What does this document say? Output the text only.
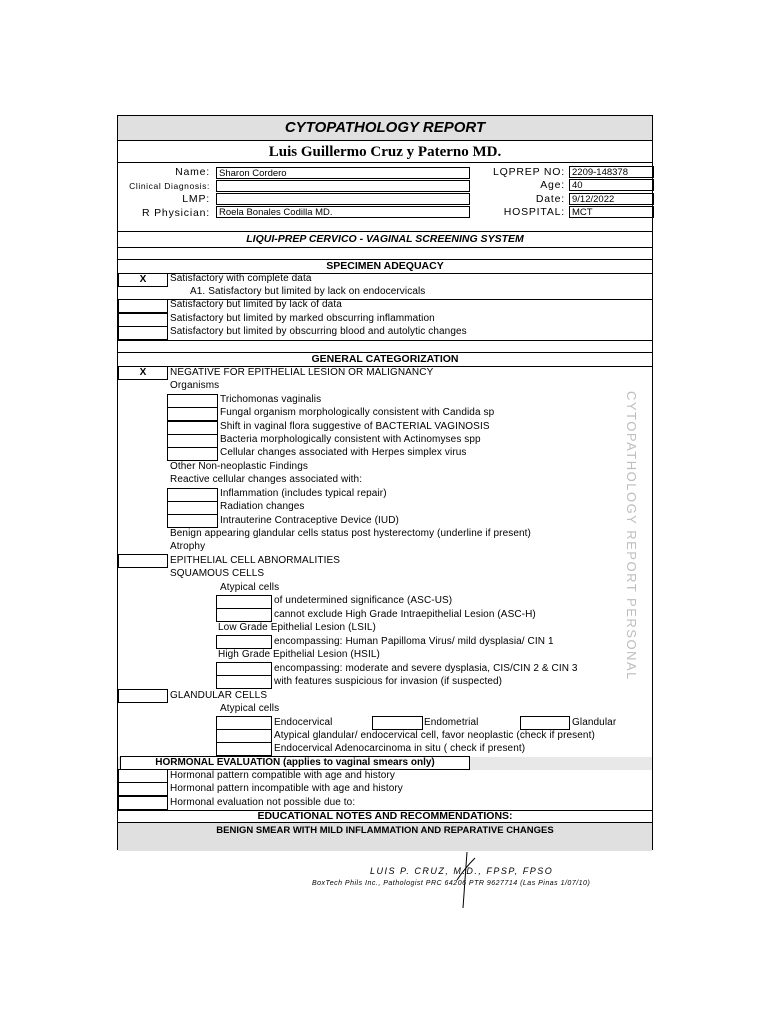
CYTOPATHOLOGY REPORT
Luis Guillermo Cruz y Paterno MD.
Name: Sharon Cordero
Clinical Diagnosis:
LMP:
R Physician: Roela Bonales Codilla MD.
LQPREP NO: 2209-148378
Age: 40
Date: 9/12/2022
HOSPITAL: MCT
LIQUI-PREP CERVICO - VAGINAL SCREENING SYSTEM
SPECIMEN ADEQUACY
X	Satisfactory with complete data
A1. Satisfactory but limited by lack on endocervicals
Satisfactory but limited by lack of data
Satisfactory but limited by marked obscurring inflammation
Satisfactory but limited by obscurring blood and autolytic changes
GENERAL CATEGORIZATION
X	NEGATIVE FOR EPITHELIAL LESION OR MALIGNANCY
Organisms
Trichomonas vaginalis
Fungal organism morphologically consistent with Candida sp
Shift in vaginal flora suggestive of BACTERIAL VAGINOSIS
Bacteria morphologically consistent with Actinomyses spp
Cellular changes associated with Herpes simplex virus
Other Non-neoplastic Findings
Reactive cellular changes associated with:
Inflammation (includes typical repair)
Radiation changes
Intrauterine Contraceptive Device (IUD)
Benign appearing glandular cells status post hysterectomy (underline if present)
Atrophy
EPITHELIAL CELL ABNORMALITIES
SQUAMOUS CELLS
Atypical cells
of undetermined significance (ASC-US)
cannot exclude High Grade Intraepithelial Lesion (ASC-H)
Low Grade Epithelial Lesion (LSIL)
encompassing: Human Papilloma Virus/ mild dysplasia/ CIN 1
High Grade Epithelial Lesion (HSIL)
encompassing: moderate and severe dysplasia, CIS/CIN 2 & CIN 3
with features suspicious for invasion (if suspected)
GLANDULAR CELLS
Atypical cells
Endocervical	Endometrial	Glandular
Atypical glandular/ endocervical cell, favor neoplastic (check if present)
Endocervical Adenocarcinoma in situ ( check if present)
HORMONAL EVALUATION (applies to vaginal smears only)
Hormonal pattern compatible with age and history
Hormonal pattern incompatible with age and history
Hormonal evaluation not possible due to:
EDUCATIONAL NOTES AND RECOMMENDATIONS:
BENIGN SMEAR WITH MILD INFLAMMATION AND REPARATIVE CHANGES
CYTOPATHOLOGY REPORT PERSONAL
LUIS P. CRUZ, M.D., FPSP, FPSO
BoxTech Phils Inc., Pathologist PRC 64206 PTR 9627714 (Las Pinas 1/07/10)
